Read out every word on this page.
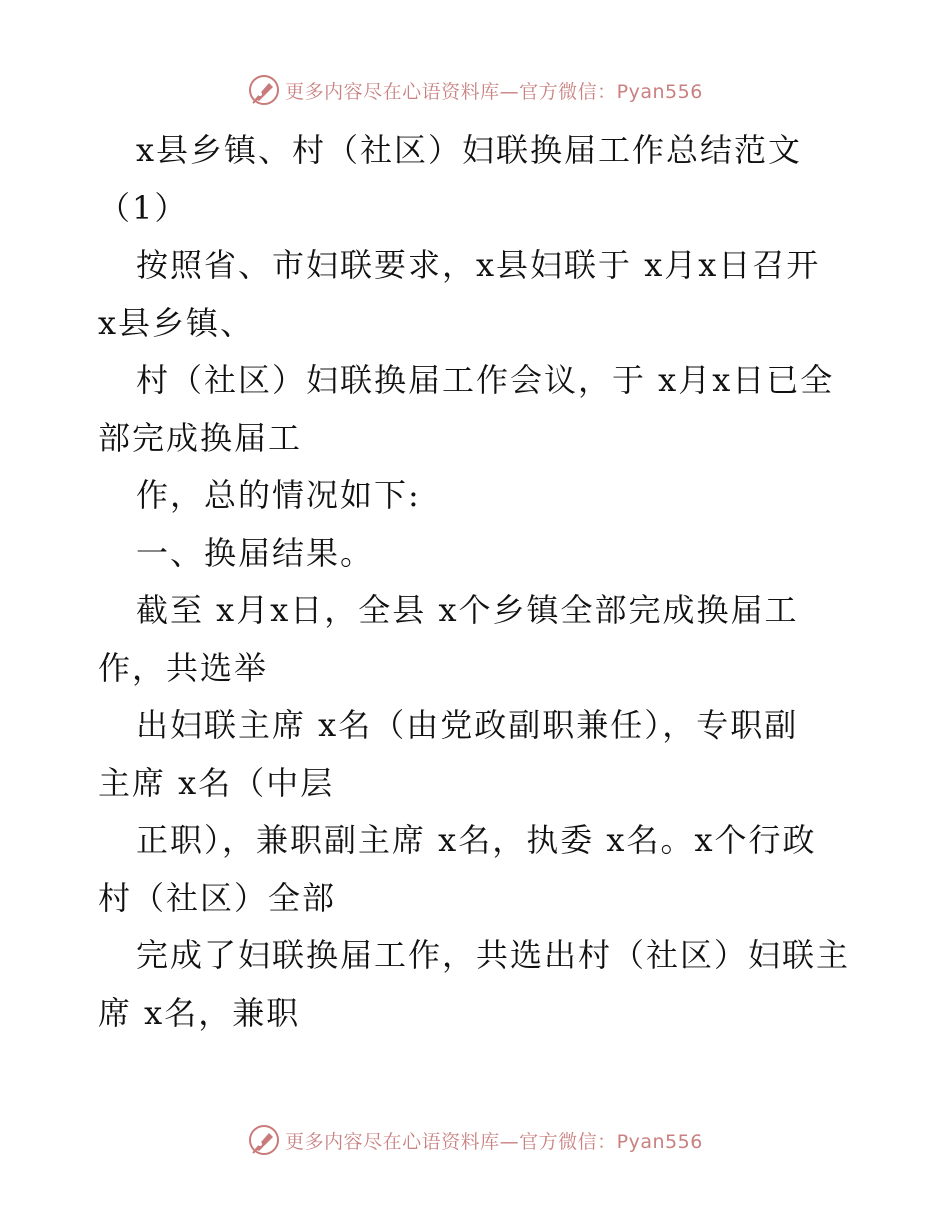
更多内容尽在心语资料库—官方微信：Pyan556
x县乡镇、村（社区）妇联换届工作总结范文
（1）
按照省、市妇联要求，x县妇联于 x月x日召开
x县乡镇、
村（社区）妇联换届工作会议，于 x月x日已全
部完成换届工
作，总的情况如下:
一、换届结果。
截至 x月x日，全县 x个乡镇全部完成换届工
作，共选举
出妇联主席 x名（由党政副职兼任），专职副
主席 x名（中层
正职），兼职副主席 x名，执委 x名。x个行政
村（社区）全部
完成了妇联换届工作，共选出村（社区）妇联主
席 x名，兼职
更多内容尽在心语资料库—官方微信：Pyan556
